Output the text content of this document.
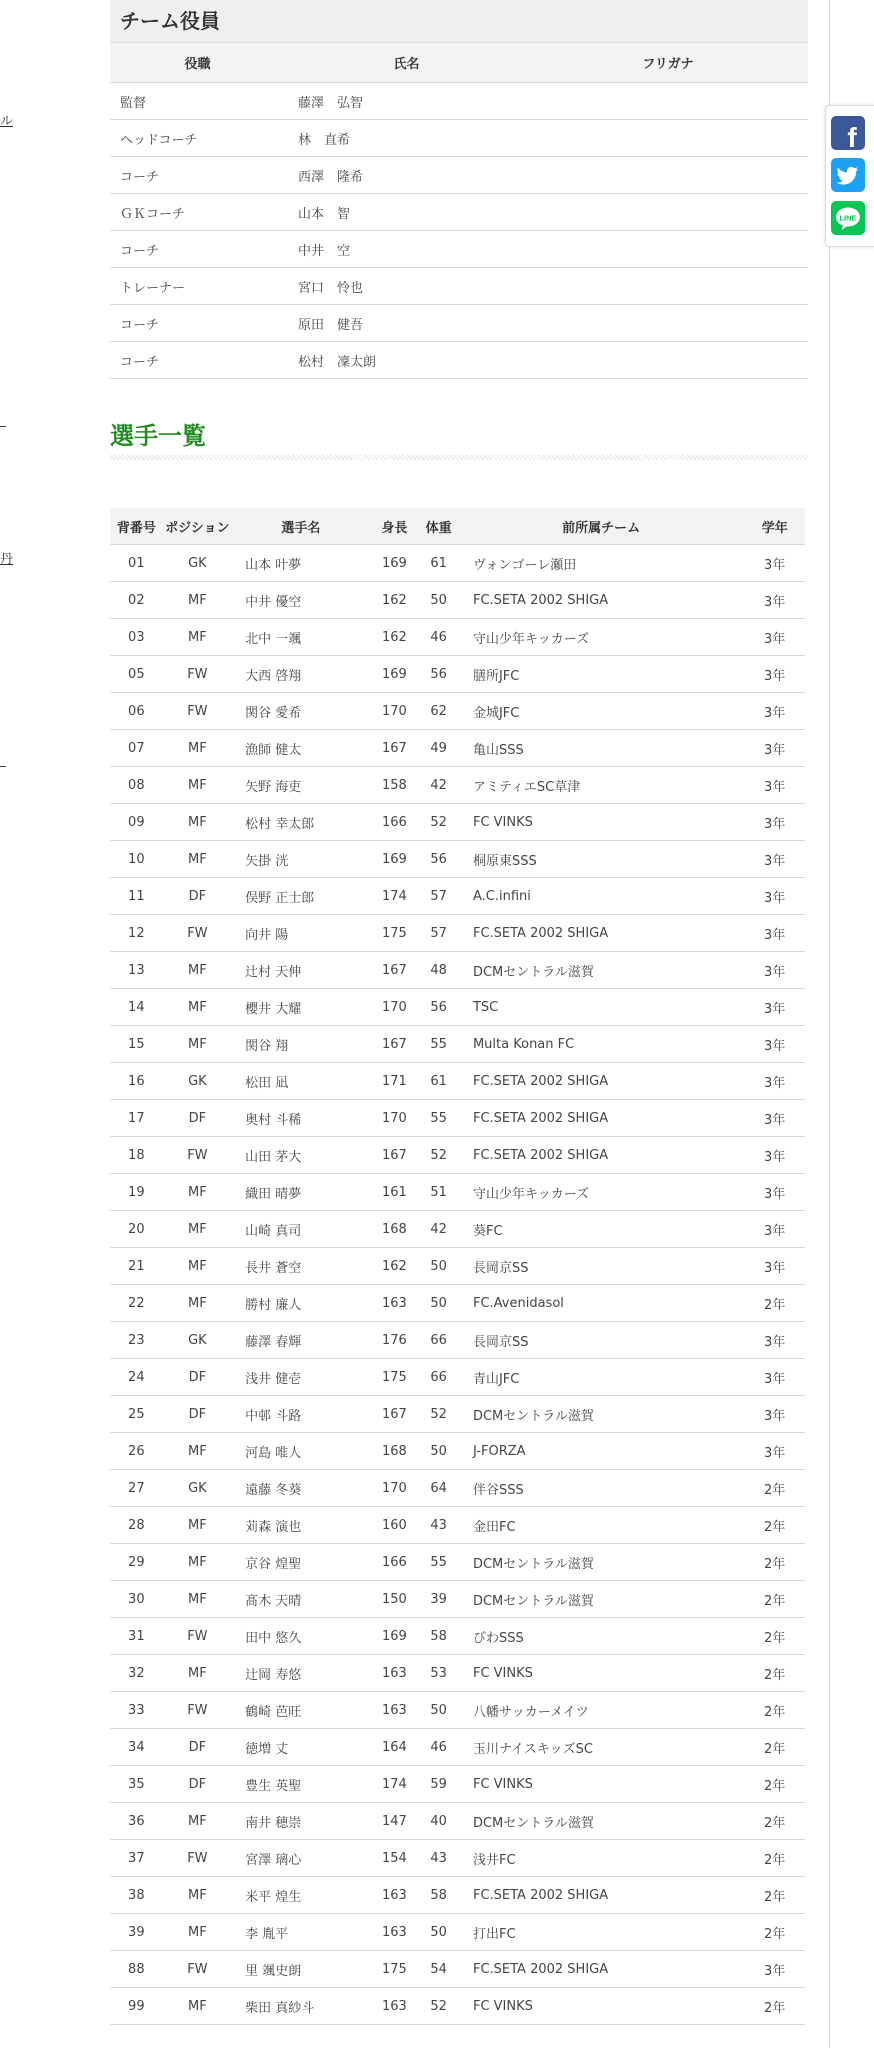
ル
丹
チーム役員
役職	氏名	フリガナ
監督	藤澤　弘智	
ヘッドコーチ	林　直希	
コーチ	西澤　隆希	
ＧＫコーチ	山本　智	
コーチ	中井　空	
トレーナー	宮口　怜也	
コーチ	原田　健吾	
コーチ	松村　凜太朗	
選手一覧
背番号	ポジション	選手名	身長	体重	前所属チーム	学年
01	GK	山本 叶夢	169	61	ヴォンゴーレ瀬田	3年
02	MF	中井 優空	162	50	FC.SETA 2002 SHIGA	3年
03	MF	北中 一颯	162	46	守山少年キッカーズ	3年
05	FW	大西 啓翔	169	56	膳所JFC	3年
06	FW	関谷 愛希	170	62	金城JFC	3年
07	MF	漁師 健太	167	49	亀山SSS	3年
08	MF	矢野 海吏	158	42	アミティエSC草津	3年
09	MF	松村 幸太郎	166	52	FC VINKS	3年
10	MF	矢掛 洸	169	56	桐原東SSS	3年
11	DF	俣野 正士郎	174	57	A.C.infini	3年
12	FW	向井 陽	175	57	FC.SETA 2002 SHIGA	3年
13	MF	辻村 天伸	167	48	DCMセントラル滋賀	3年
14	MF	櫻井 大耀	170	56	TSC	3年
15	MF	関谷 翔	167	55	Multa Konan FC	3年
16	GK	松田 凪	171	61	FC.SETA 2002 SHIGA	3年
17	DF	奥村 斗稀	170	55	FC.SETA 2002 SHIGA	3年
18	FW	山田 茅大	167	52	FC.SETA 2002 SHIGA	3年
19	MF	織田 晴夢	161	51	守山少年キッカーズ	3年
20	MF	山崎 真司	168	42	葵FC	3年
21	MF	長井 蒼空	162	50	長岡京SS	3年
22	MF	勝村 廉人	163	50	FC.Avenidasol	2年
23	GK	藤澤 春輝	176	66	長岡京SS	3年
24	DF	浅井 健壱	175	66	青山JFC	3年
25	DF	中邨 斗路	167	52	DCMセントラル滋賀	3年
26	MF	河島 唯人	168	50	J-FORZA	3年
27	GK	遠藤 冬葵	170	64	伴谷SSS	2年
28	MF	苅森 演也	160	43	金田FC	2年
29	MF	京谷 煌聖	166	55	DCMセントラル滋賀	2年
30	MF	髙木 天晴	150	39	DCMセントラル滋賀	2年
31	FW	田中 悠久	169	58	びわSSS	2年
32	MF	辻岡 寿悠	163	53	FC VINKS	2年
33	FW	鶴崎 芭旺	163	50	八幡サッカーメイツ	2年
34	DF	徳増 丈	164	46	玉川ナイスキッズSC	2年
35	DF	豊生 英聖	174	59	FC VINKS	2年
36	MF	南井 穂崇	147	40	DCMセントラル滋賀	2年
37	FW	宮澤 璃心	154	43	浅井FC	2年
38	MF	米平 煌生	163	58	FC.SETA 2002 SHIGA	2年
39	MF	李 胤平	163	50	打出FC	2年
88	FW	里 颯史朗	175	54	FC.SETA 2002 SHIGA	3年
99	MF	柴田 真紗斗	163	52	FC VINKS	2年
f
LINE
